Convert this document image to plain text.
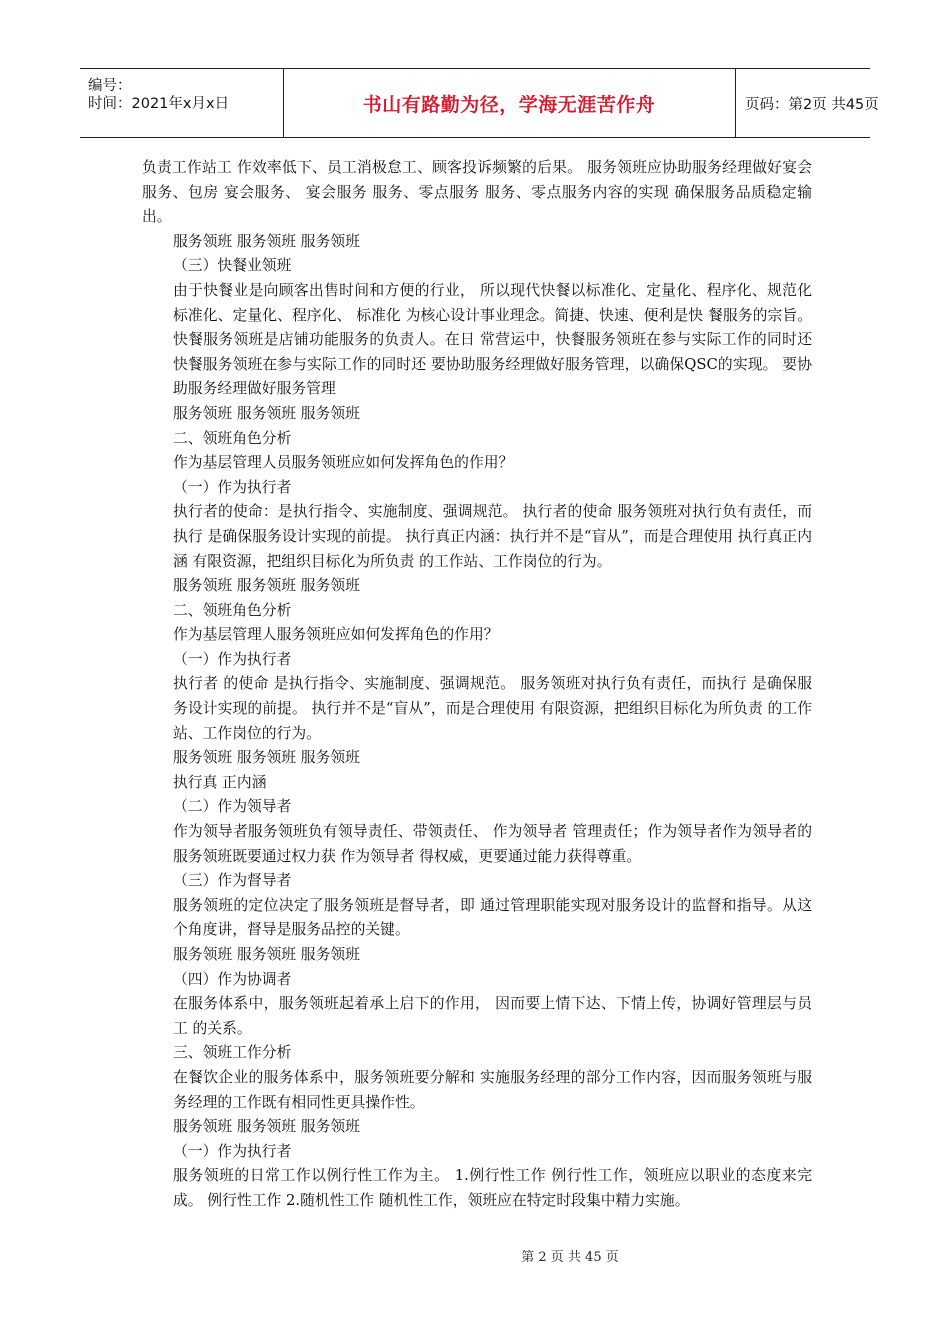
编号：
时间：2021年x月x日	书山有路勤为径，学海无涯苦作舟	页码：第2页 共45页

负责工作站工 作效率低下、员工消极怠工、顾客投诉频繁的后果。 服务领班应协助服务经理做好宴会服务、包房 宴会服务、 宴会服务 服务、零点服务 服务、零点服务内容的实现 确保服务品质稳定输出。

服务领班 服务领班 服务领班

（三）快餐业领班

由于快餐业是向顾客出售时间和方便的行业， 所以现代快餐以标准化、定量化、程序化、规范化 标准化、定量化、程序化、 标准化 为核心设计事业理念。简捷、快速、便利是快 餐服务的宗旨。 快餐服务领班是店铺功能服务的负责人。在日 常营运中，快餐服务领班在参与实际工作的同时还 快餐服务领班在参与实际工作的同时还 要协助服务经理做好服务管理，以确保QSC的实现。 要协助服务经理做好服务管理

服务领班 服务领班 服务领班

二、领班角色分析

作为基层管理人员服务领班应如何发挥角色的作用？

（一）作为执行者

执行者的使命：是执行指令、实施制度、强调规范。 执行者的使命 服务领班对执行负有责任，而执行 是确保服务设计实现的前提。 执行真正内涵：执行并不是“盲从”，而是合理使用 执行真正内涵 有限资源，把组织目标化为所负责 的工作站、工作岗位的行为。

服务领班 服务领班 服务领班

二、领班角色分析

作为基层管理人服务领班应如何发挥角色的作用？

（一）作为执行者

执行者 的使命 是执行指令、实施制度、强调规范。 服务领班对执行负有责任，而执行 是确保服务设计实现的前提。 执行并不是“盲从”，而是合理使用 有限资源，把组织目标化为所负责 的工作站、工作岗位的行为。

服务领班 服务领班 服务领班

执行真 正内涵

（二）作为领导者

作为领导者服务领班负有领导责任、带领责任、 作为领导者 管理责任；作为领导者作为领导者的服务领班既要通过权力获 作为领导者 得权威，更要通过能力获得尊重。

（三）作为督导者

服务领班的定位决定了服务领班是督导者，即 通过管理职能实现对服务设计的监督和指导。从这 个角度讲，督导是服务品控的关键。

服务领班 服务领班 服务领班

（四）作为协调者

在服务体系中，服务领班起着承上启下的作用， 因而要上情下达、下情上传，协调好管理层与员工 的关系。

三、领班工作分析

在餐饮企业的服务体系中，服务领班要分解和 实施服务经理的部分工作内容，因而服务领班与服 务经理的工作既有相同性更具操作性。

服务领班 服务领班 服务领班

（一）作为执行者

服务领班的日常工作以例行性工作为主。 1.例行性工作 例行性工作，领班应以职业的态度来完成。 例行性工作 2.随机性工作 随机性工作，领班应在特定时段集中精力实施。

第 2 页 共 45 页
